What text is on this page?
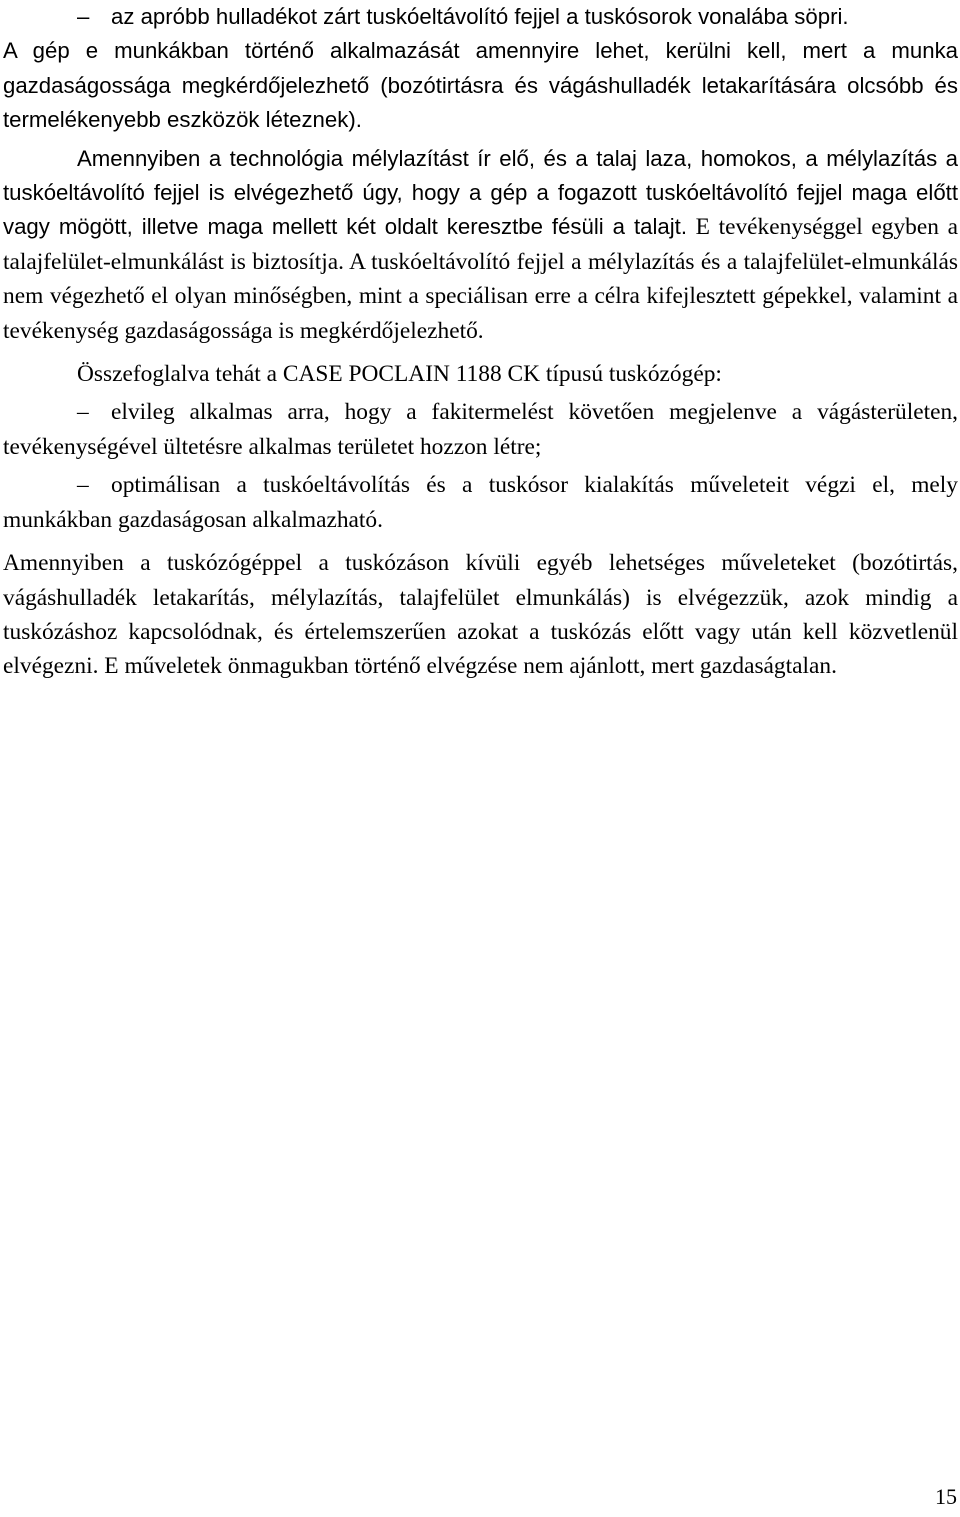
– az apróbb hulladékot zárt tuskóeltávolító fejjel a tuskósorok vonalába söpri.

A gép e munkákban történő alkalmazását amennyire lehet, kerülni kell, mert a munka gazdaságossága megkérdőjelezhető (bozótirtásra és vágáshulladék letakarítására olcsóbb és termelékenyebb eszközök léteznek).

Amennyiben a technológia mélylazítást ír elő, és a talaj laza, homokos, a mélylazítás a tuskóeltávolító fejjel is elvégezhető úgy, hogy a gép a fogazott tuskóeltávolító fejjel maga előtt vagy mögött, illetve maga mellett két oldalt keresztbe fésüli a talajt. E tevékenységgel egyben a talajfelület-elmunkálást is biztosítja. A tuskóeltávolító fejjel a mélylazítás és a talajfelület-elmunkálás nem végezhető el olyan minőségben, mint a speciálisan erre a célra kifejlesztett gépekkel, valamint a tevékenység gazdaságossága is megkérdőjelezhető.

Összefoglalva tehát a CASE POCLAIN 1188 CK típusú tuskózógép:

– elvileg alkalmas arra, hogy a fakitermelést követően megjelenve a vágásterületen, tevékenységével ültetésre alkalmas területet hozzon létre;

– optimálisan a tuskóeltávolítás és a tuskósor kialakítás műveleteit végzi el, mely munkákban gazdaságosan alkalmazható.

Amennyiben a tuskózógéppel a tuskózáson kívüli egyéb lehetséges műveleteket (bozótirtás, vágáshulladék letakarítás, mélylazítás, talajfelület elmunkálás) is elvégezzük, azok mindig a tuskózáshoz kapcsolódnak, és értelemszerűen azokat a tuskózás előtt vagy után kell közvetlenül elvégezni. E műveletek önmagukban történő elvégzése nem ajánlott, mert gazdaságtalan.

15
